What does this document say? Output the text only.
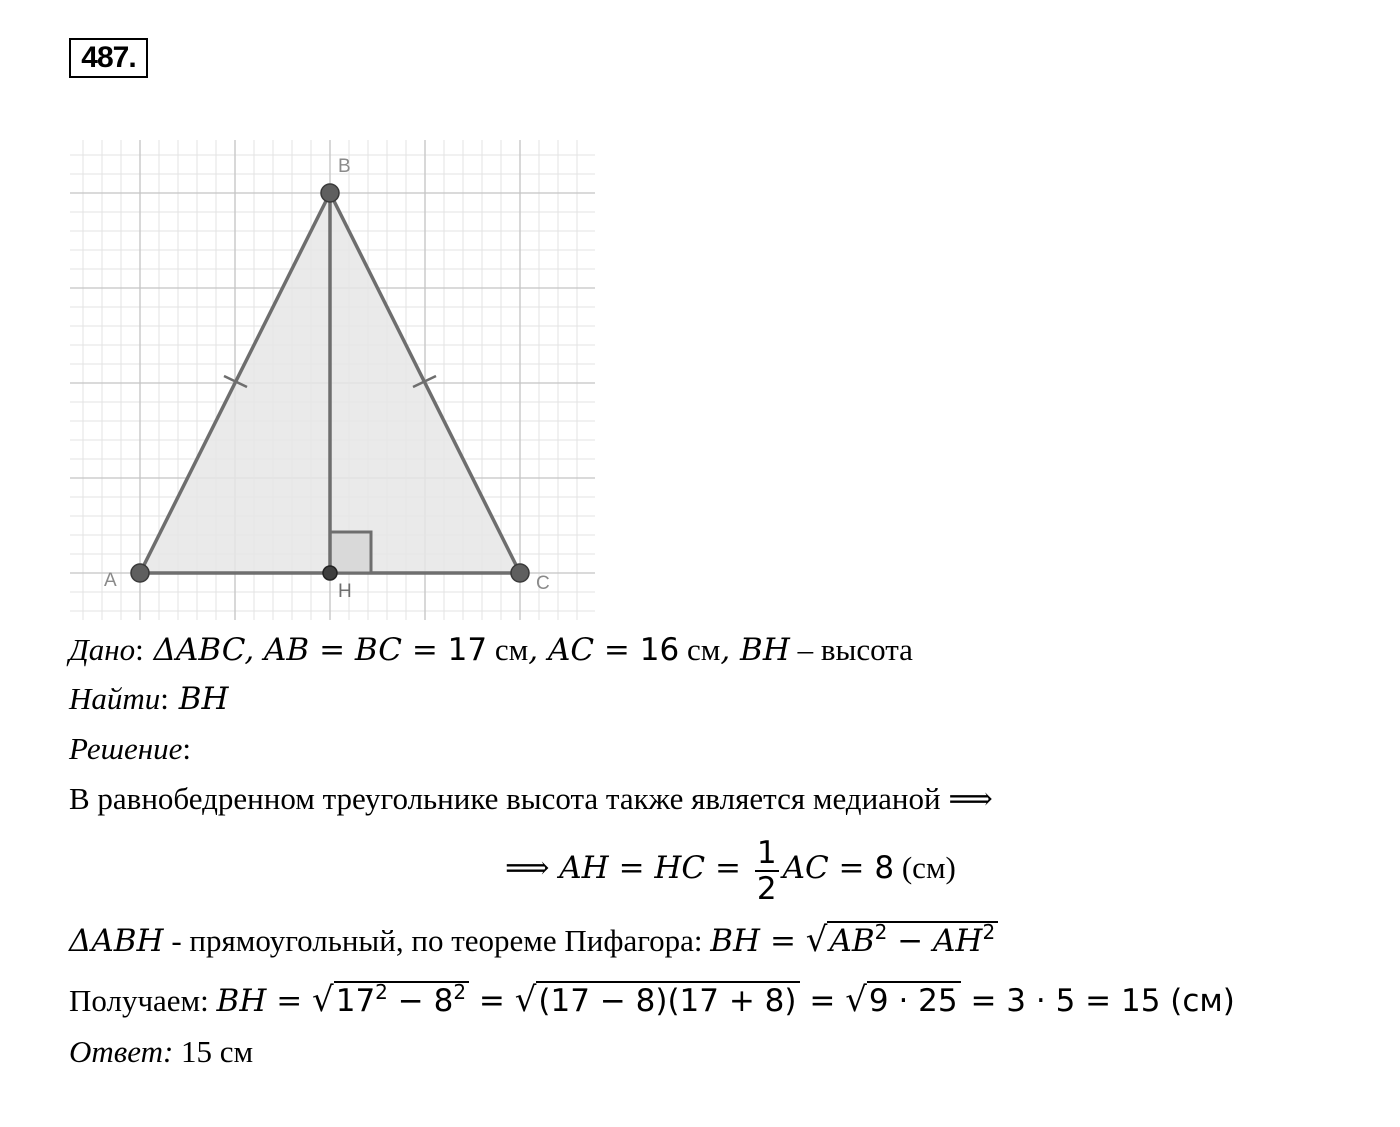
487.
A
B
C
H
Дано: ΔABC, AB = BC = 17 см, AC = 16 см, BH – высота
Найти: BH
Решение:
В равнобедренном треугольнике высота также является медианой ⟹
⟹ AH = HC = $\frac{1}{2}$ AC = 8 (см)
ΔABH - прямоугольный, по теореме Пифагора: BH = $√AB^2 - AH^2$
Получаем: BH = $√17^2 - 8^2 = √(17 - 8)(17 + 8) = √9 \cdot 25 = 3 \cdot 5 = 15$ (см)
Ответ: 15 см
